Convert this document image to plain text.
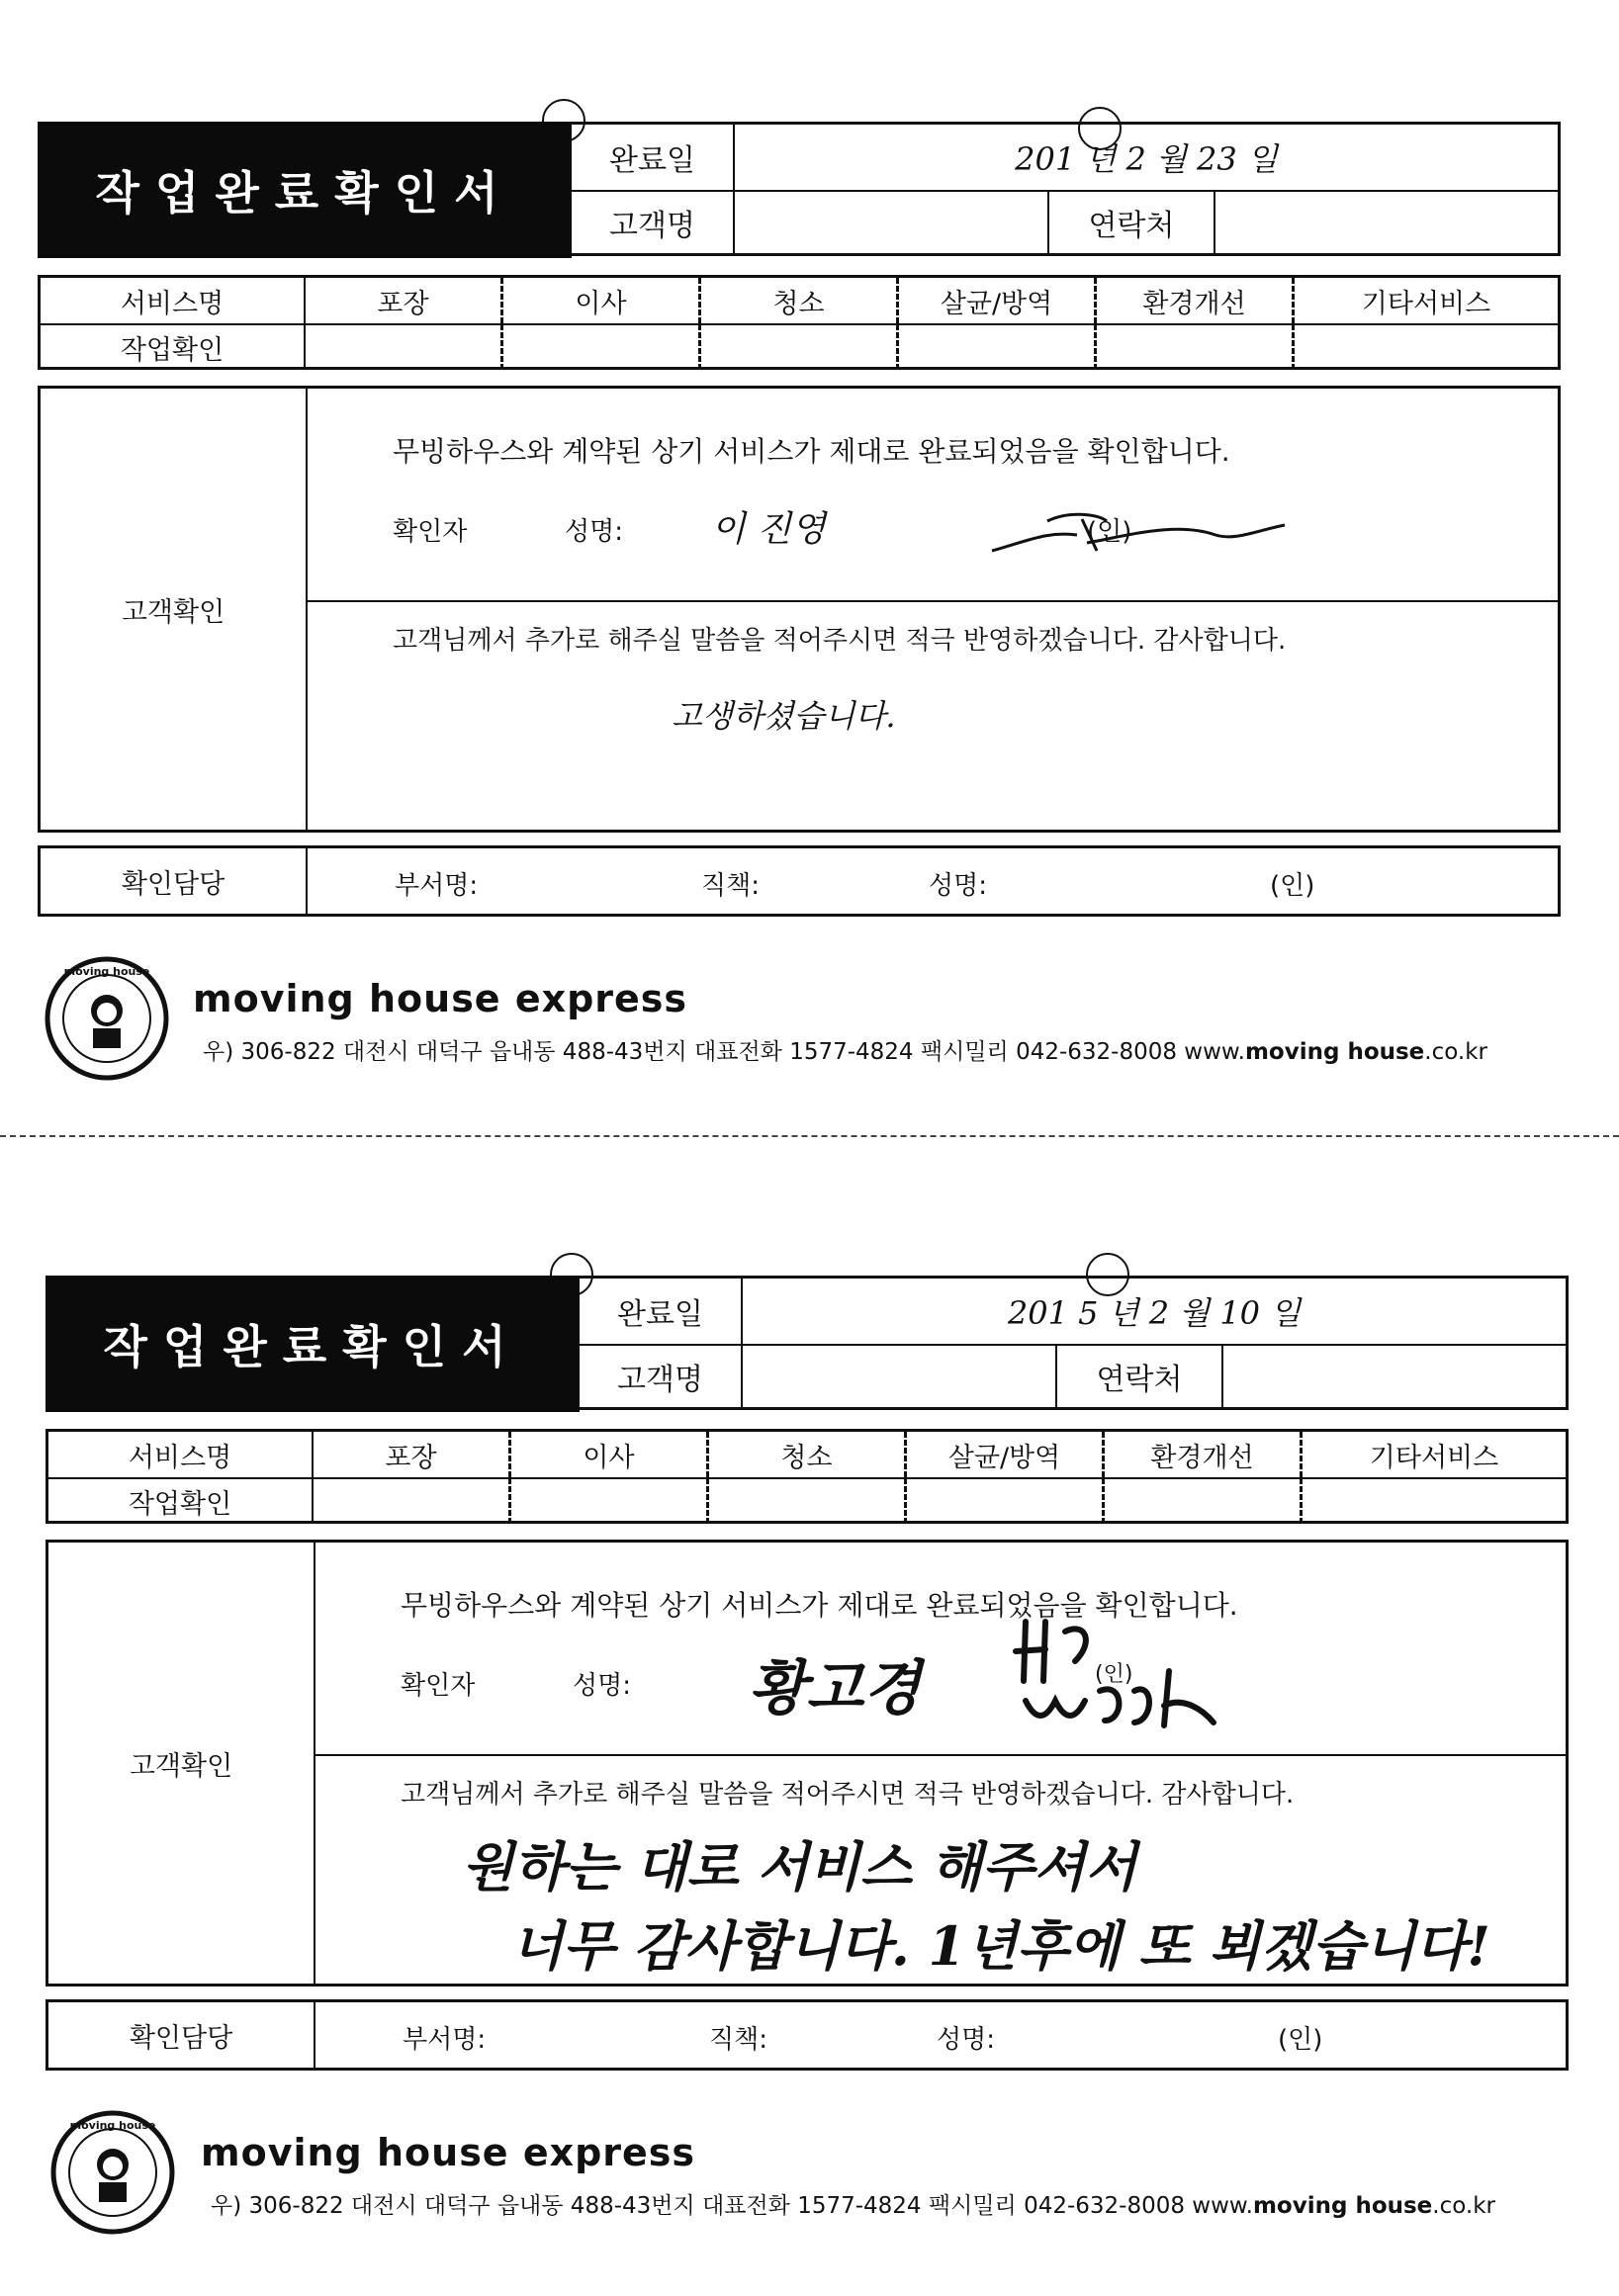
작업완료확인서
완료일	201 년 2 월 23 일
고객명	연락처
서비스명	포장	이사	청소	살균/방역	환경개선	기타서비스
작업확인
고객확인
무빙하우스와 계약된 상기 서비스가 제대로 완료되었음을 확인합니다.
확인자	성명: 이 진영	(인)
고객님께서 추가로 해주실 말씀을 적어주시면 적극 반영하겠습니다. 감사합니다.
고생하셨습니다.
확인담당	부서명:	직책:	성명:	(인)
moving house
moving house express
우) 306-822 대전시 대덕구 읍내동 488-43번지 대표전화 1577-4824 팩시밀리 042-632-8008 www.moving house.co.kr
작업완료확인서
완료일	201 5 년 2 월 10 일
고객명	연락처
서비스명	포장	이사	청소	살균/방역	환경개선	기타서비스
작업확인
고객확인
무빙하우스와 계약된 상기 서비스가 제대로 완료되었음을 확인합니다.
확인자	성명: 황고경	(인)
고객님께서 추가로 해주실 말씀을 적어주시면 적극 반영하겠습니다. 감사합니다.
원하는 대로 서비스 해주셔서
너무 감사합니다. 1년후에 또 뵈겠습니다!
확인담당	부서명:	직책:	성명:	(인)
moving house
moving house express
우) 306-822 대전시 대덕구 읍내동 488-43번지 대표전화 1577-4824 팩시밀리 042-632-8008 www.moving house.co.kr
